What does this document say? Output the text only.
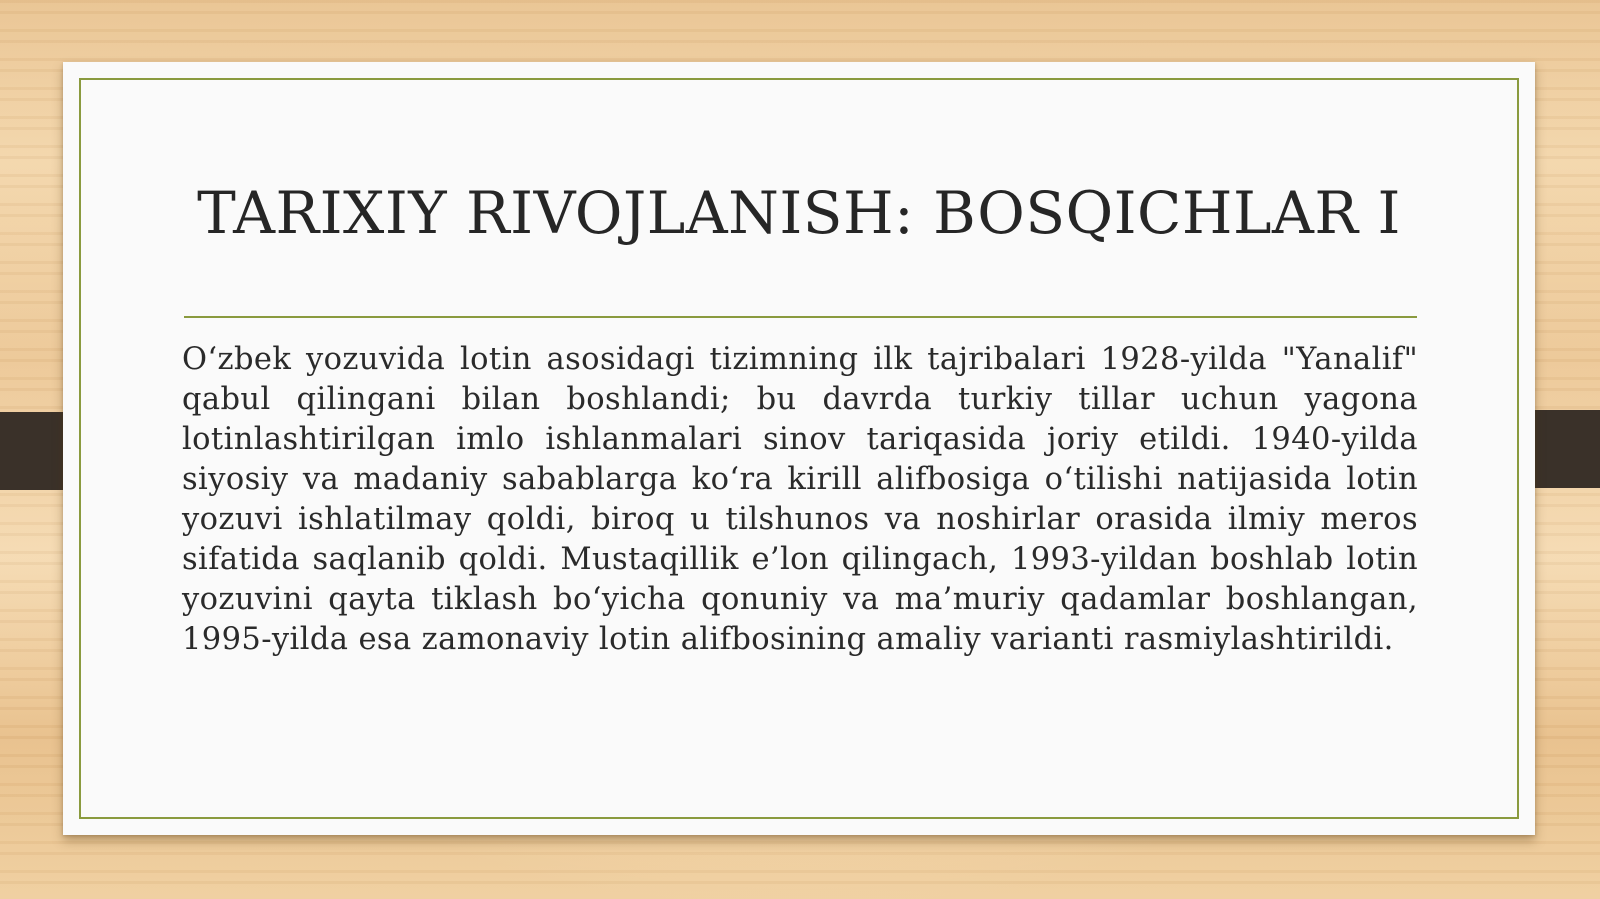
TARIXIY RIVOJLANISH: BOSQICHLAR I

O‘zbek yozuvida lotin asosidagi tizimning ilk tajribalari 1928-yilda "Yanalif" qabul qilingani bilan boshlandi; bu davrda turkiy tillar uchun yagona lotinlashtirilgan imlo ishlanmalari sinov tariqasida joriy etildi. 1940-yilda siyosiy va madaniy sabablarga ko‘ra kirill alifbosiga o‘tilishi natijasida lotin yozuvi ishlatilmay qoldi, biroq u tilshunos va noshirlar orasida ilmiy meros sifatida saqlanib qoldi. Mustaqillik e’lon qilingach, 1993-yildan boshlab lotin yozuvini qayta tiklash bo‘yicha qonuniy va ma’muriy qadamlar boshlangan, 1995-yilda esa zamonaviy lotin alifbosining amaliy varianti rasmiylashtirildi.
